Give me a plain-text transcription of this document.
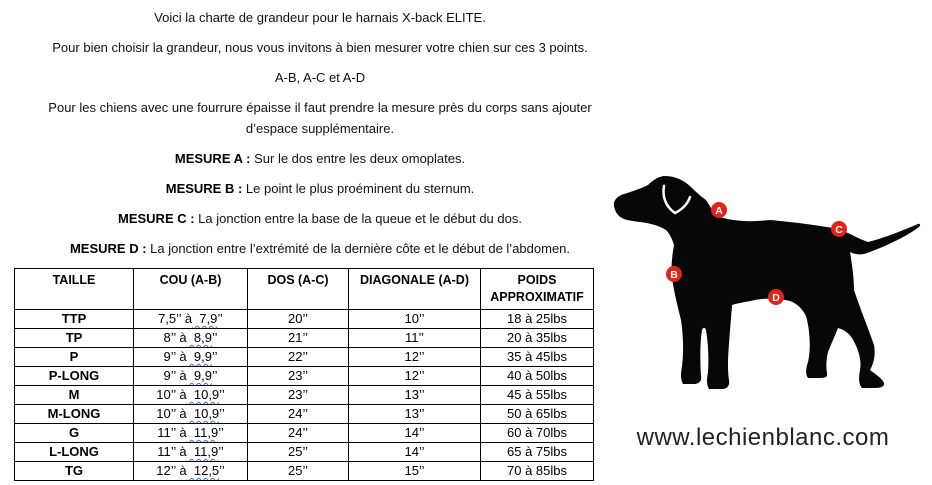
Voici la charte de grandeur pour le harnais X-back ELITE.

Pour bien choisir la grandeur, nous vous invitons à bien mesurer votre chien sur ces 3 points.

A-B, A-C et A-D

Pour les chiens avec une fourrure épaisse il faut prendre la mesure près du corps sans ajouter
d’espace supplémentaire.

MESURE A : Sur le dos entre les deux omoplates.

MESURE B : Le point le plus proéminent du sternum.

MESURE C : La jonction entre la base de la queue et le début du dos.

MESURE D : La jonction entre l’extrémité de la dernière côte et le début de l’abdomen.

TAILLE	COU (A-B)	DOS (A-C)	DIAGONALE (A-D)	POIDS APPROXIMATIF
TTP	7,5’’ à  7,9’’	20’’	10’’	18 à 25lbs
TP	8’’ à  8,9’’	21’’	11’’	20 à 35lbs
P	9’’ à  9,9’’	22’’	12’’	35 à 45lbs
P-LONG	9’’ à  9,9’’	23’’	12’’	40 à 50lbs
M	10’’ à  10,9’’	23’’	13’’	45 à 55lbs
M-LONG	10’’ à  10,9’’	24’’	13’’	50 à 65lbs
G	11’’ à  11,9’’	24’’	14’’	60 à 70lbs
L-LONG	11’’ à  11,9’’	25’’	14’’	65 à 75lbs
TG	12’’ à  12,5’’	25’’	15’’	70 à 85lbs
A
B
C
D
www.lechienblanc.com
